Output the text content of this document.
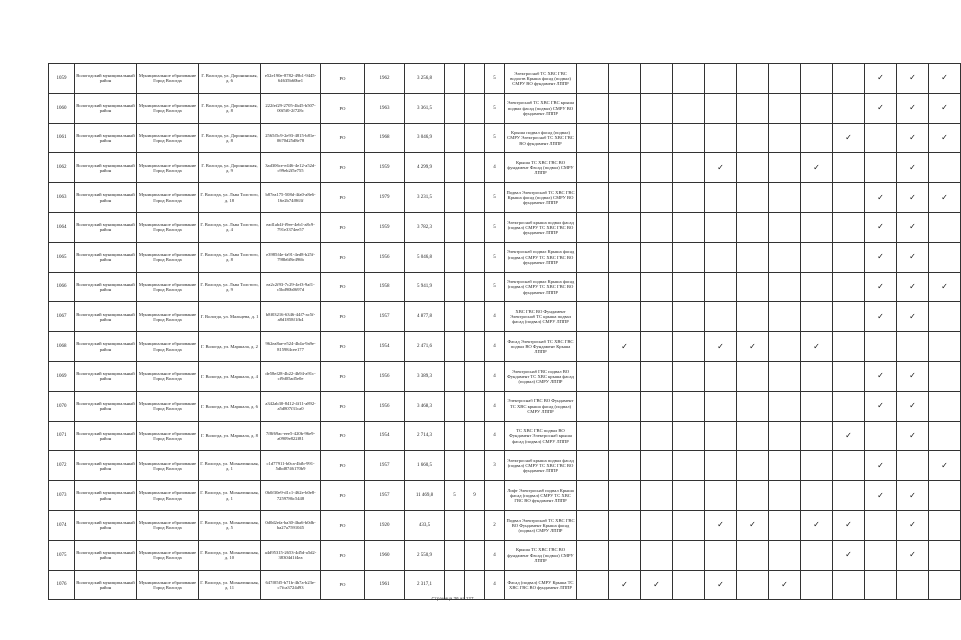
1059	Вологодский муниципальный район	Муниципальное образование Город Вологда	Г. Вологда, ул. Доронинская, д. 6	e52e190e-8782-49b1-9445-64635b60be1	РО	1962	3 256,8			5	Электроснаб ТС ХВС ГВС водоотв Крыша фасад (подвал) СМРУ ВО фундамент ЛППР										✓	✓	✓
1060	Вологодский муниципальный район	Муниципальное образование Город Вологда	Г. Вологда, ул. Доронинская, д. 8	222fef29-2705-4b45-b507-00f5f0-2f728c	РО	1963	3 361,5			5	Электроснаб ТС ХВС ГВС крыша подвал фасад (подвал) СМРУ ВО фундамент ЛППР										✓	✓	✓
1061	Вологодский муниципальный район	Муниципальное образование Город Вологда	Г. Вологда, ул. Доронинская, д. 8	2565f5c9-2e93-4815-b81e-0670d25d8e78	РО	1968	3 046,9			5	Крыша подвал фасад (подвал) СМРУ Электроснаб ТС ХВС ГВС ВО фундамент ЛППР									✓		✓	✓
1062	Вологодский муниципальный район	Муниципальное образование Город Вологда	Г. Вологда, ул. Доронинская, д. 9	3ad306ce-e446-4e12-a52d-c99eb2f5e755	РО	1959	4 299,9			4	Крыша ТС ХВС ГВС ВО фундамент Фасад (подвал) СМРУ ЛППР					✓			✓			✓	
1063	Вологодский муниципальный район	Муниципальное образование Город Вологда	Г. Вологда, ул. Льва Толстого, д. 18	b87ea175-508d-4fa0-a8e6-16e2b74f863f	РО	1979	3 231,5			5	Подвал Электроснаб ТС ХВС ГВС Крыша фасад (подвал) СМРУ ВО фундамент ЛППР										✓	✓	✓
1064	Вологодский муниципальный район	Муниципальное образование Город Вологда	Г. Вологда, ул. Льва Толстого, д. 4	ead1ab4f-f9ee-4eb1-a8c9-791e3374ee57	РО	1959	3 782,3			5	Электроснаб крыша подвал фасад (подвал) СМРУ ТС ХВС ГВС ВО фундамент ЛППР										✓	✓	
1065	Вологодский муниципальный район	Муниципальное образование Город Вологда	Г. Вологда, ул. Льва Толстого, д. 8	e3985f4e-fa91-4ed8-b25f-798b6f8e496b	РО	1956	5 046,8			5	Электроснаб подвал Крыша фасад (подвал) СМРУ ТС ХВС ГВС ВО фундамент ЛППР										✓	✓	
1066	Вологодский муниципальный район	Муниципальное образование Город Вологда	Г. Вологда, ул. Льва Толстого, д. 9	ea2c2f93-7c29-4ef3-9af1-c5bd90b0697d	РО	1958	5 941,9			5	Электроснаб подвал Крыша фасад (подвал) СМРУ ТС ХВС ГВС ВО фундамент ЛППР										✓	✓	✓
1067	Вологодский муниципальный район	Муниципальное образование Город Вологда	Г. Вологда, ул. Мальцева, д. 1	b8f03216-6346-44f7-ac5f-a8d1858f1fb4	РО	1957	4 877,8			4	ХВС ГВС ВО Фундамент Электроснаб ТС крыша подвал фасад (подвал) СМРУ ЛППР										✓	✓	
1068	Вологодский муниципальный район	Муниципальное образование Город Вологда	Г. Вологда, ул. Маршала, д. 2	962ea8ae-e524-4b4a-9a9e-815984cee177	РО	1954	2 471,6			4	Фасад Электроснаб ТС ХВС ГВС подвал ВО Фундамент Крыша ЛППР		✓			✓	✓		✓				
1069	Вологодский муниципальный район	Муниципальное образование Город Вологда	Г. Вологда, ул. Маршала, д. 4	de58ef28-4b22-4b94-a91c-cf9d05ad5e0e	РО	1956	3 389,3			4	Электроснаб ГВС подвал ВО Фундамент ТС ХВС крыша фасад (подвал) СМРУ ЛППР										✓	✓	
1070	Вологодский муниципальный район	Муниципальное образование Город Вологда	Г. Вологда, ул. Маршала, д. 6	a342ab30-8412-4f11-a892-a5d807f31ca0	РО	1956	3 468,3			4	Электроснаб ГВС ВО Фундамент ТС ХВС крыша фасад (подвал) СМРУ ЛППР										✓	✓	
1071	Вологодский муниципальный район	Муниципальное образование Город Вологда	Г. Вологда, ул. Маршала, д. 8	7f8f69ac-eee5-420b-96e9-a0909e822f81	РО	1954	2 714,3			4	ТС ХВС ГВС подвал ВО Фундамент Электроснаб крыша фасад (подвал) СМРУ ЛППР									✓		✓	
1072	Вологодский муниципальный район	Муниципальное образование Город Вологда	Г. Вологда, ул. Мохнатинская, д. 1	c1d77911-b0ca-4bfb-991-5dbd8746170b9	РО	1957	1 660,5			3	Электроснаб крыша подвал фасад (подвал) СМРУ ТС ХВС ГВС ВО фундамент ЛППР										✓		✓
1073	Вологодский муниципальный район	Муниципальное образование Город Вологда	Г. Вологда, ул. Мохнатинская, д. 1	0b0f30e9-d1c1-462e-b0e8-7259786c5448	РО	1957	11 469,8	5	9		Лифт Электроснаб подвал Крыша фасад (подвал) СМРУ ТС ХВС ГВС ВО фундамент ЛППР										✓	✓	
1074	Вологодский муниципальный район	Муниципальное образование Город Вологда	Г. Вологда, ул. Мохнатинская, д. 5	0d0d2efa-ba30-4ba6-b0db-ba27a7591045	РО	1920	433,5			2	Подвал Электроснаб ТС ХВС ГВС ВО Фундамент Крыша фасад (подвал) СМРУ ЛППР					✓	✓		✓	✓		✓	
1075	Вологодский муниципальный район	Муниципальное образование Город Вологда	Г. Вологда, ул. Мохнатинская, д. 10	a4d95315-2653-4d5d-a5d2-38304d1f4ea	РО	1960	2 550,9			4	Крыша ТС ХВС ГВС ВО фундамент Фасад (подвал) СМРУ ЛППР									✓		✓	
1076	Вологодский муниципальный район	Муниципальное образование Город Вологда	Г. Вологда, ул. Мохнатинская, д. 11	647f05f5-b71b-4b7a-b23e-c7fca3724d93	РО	1961	2 317,1			4	Фасад (подвал) СМРУ Крыша ТС ХВС ГВС ВО фундамент ЛППР		✓	✓		✓		✓					
Страница 36 из 127
